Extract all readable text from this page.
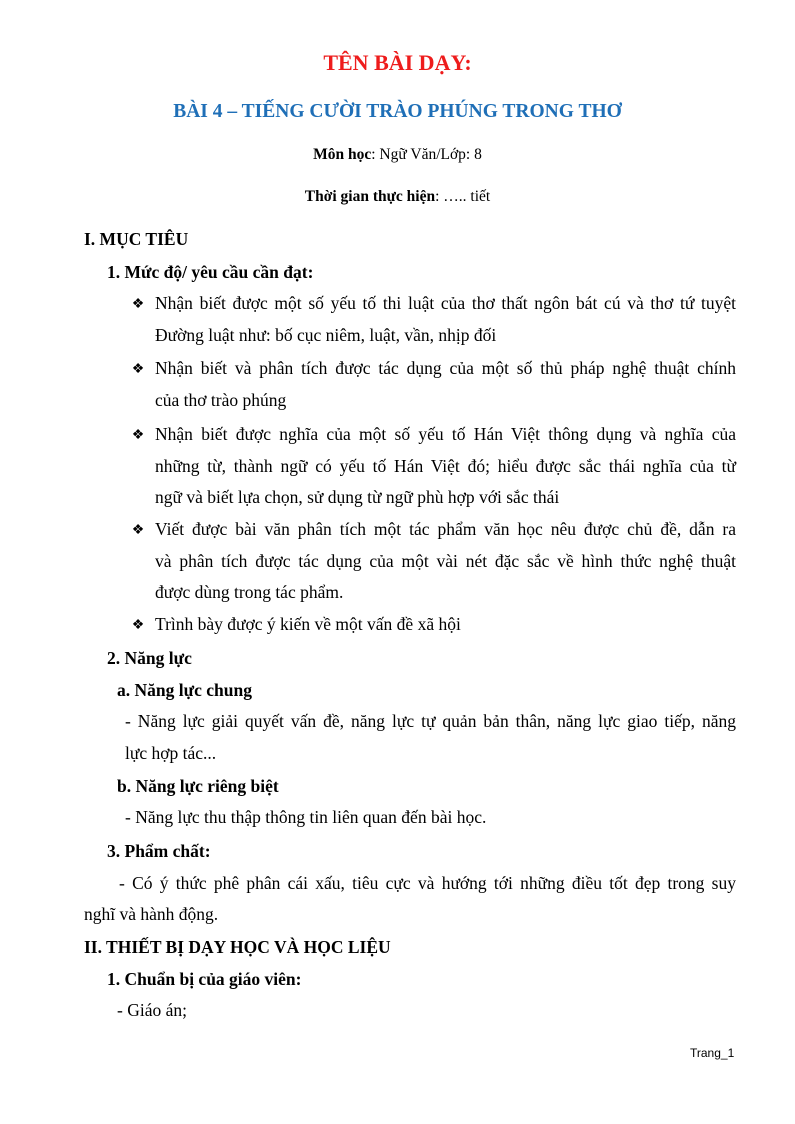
TÊN BÀI DẠY:
BÀI 4 – TIẾNG CƯỜI TRÀO PHÚNG TRONG THƠ
Môn học: Ngữ Văn/Lớp: 8
Thời gian thực hiện: ….. tiết
I. MỤC TIÊU
1. Mức độ/ yêu cầu cần đạt:
❖ Nhận biết được một số yếu tố thi luật của thơ thất ngôn bát cú và thơ tứ tuyệt
Đường luật như: bố cục niêm, luật, vần, nhịp đối
❖ Nhận biết và phân tích được tác dụng của một số thủ pháp nghệ thuật chính
của thơ trào phúng
❖ Nhận biết được nghĩa của một số yếu tố Hán Việt thông dụng và nghĩa của
những từ, thành ngữ có yếu tố Hán Việt đó; hiểu được sắc thái nghĩa của từ
ngữ và biết lựa chọn, sử dụng từ ngữ phù hợp với sắc thái
❖ Viết được bài văn phân tích một tác phẩm văn học nêu được chủ đề, dẫn ra
và phân tích được tác dụng của một vài nét đặc sắc về hình thức nghệ thuật
được dùng trong tác phẩm.
❖ Trình bày được ý kiến về một vấn đề xã hội
2. Năng lực
a. Năng lực chung
- Năng lực giải quyết vấn đề, năng lực tự quản bản thân, năng lực giao tiếp, năng
lực hợp tác...
b. Năng lực riêng biệt
- Năng lực thu thập thông tin liên quan đến bài học.
3. Phẩm chất:
- Có ý thức phê phân cái xấu, tiêu cực và hướng tới những điều tốt đẹp trong suy
nghĩ và hành động.
II. THIẾT BỊ DẠY HỌC VÀ HỌC LIỆU
1. Chuẩn bị của giáo viên:
- Giáo án;
Trang_1
